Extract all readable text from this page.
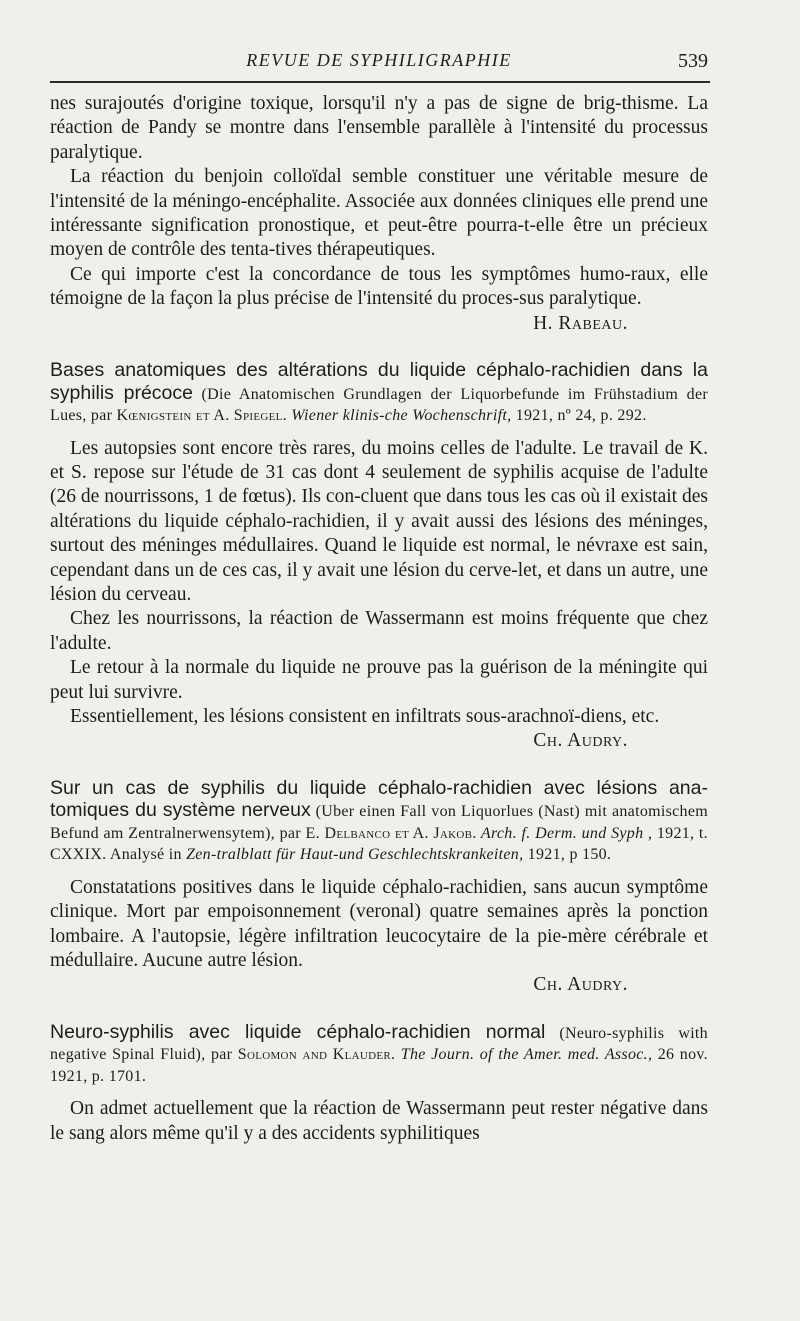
REVUE DE SYPHILIGRAPHIE	539

nes surajoutés d'origine toxique, lorsqu'il n'y a pas de signe de brig-thisme. La réaction de Pandy se montre dans l'ensemble parallèle à l'intensité du processus paralytique.

La réaction du benjoin colloïdal semble constituer une véritable mesure de l'intensité de la méningo-encéphalite. Associée aux données cliniques elle prend une intéressante signification pronostique, et peut-être pourra-t-elle être un précieux moyen de contrôle des tenta-tives thérapeutiques.

Ce qui importe c'est la concordance de tous les symptômes humo-raux, elle témoigne de la façon la plus précise de l'intensité du proces-sus paralytique.

H. Rabeau.
Bases anatomiques des altérations du liquide céphalo-rachidien dans la syphilis précoce (Die Anatomischen Grundlagen der Liquorbefunde im Frühstadium der Lues, par Kœnigstein et A. Spiegel. Wiener klinis-che Wochenschrift, 1921, nº 24, p. 292.

Les autopsies sont encore très rares, du moins celles de l'adulte. Le travail de K. et S. repose sur l'étude de 31 cas dont 4 seulement de syphilis acquise de l'adulte (26 de nourrissons, 1 de fœtus). Ils con-cluent que dans tous les cas où il existait des altérations du liquide céphalo-rachidien, il y avait aussi des lésions des méninges, surtout des méninges médullaires. Quand le liquide est normal, le névraxe est sain, cependant dans un de ces cas, il y avait une lésion du cerve-let, et dans un autre, une lésion du cerveau.

Chez les nourrissons, la réaction de Wassermann est moins fréquente que chez l'adulte.

Le retour à la normale du liquide ne prouve pas la guérison de la méningite qui peut lui survivre.

Essentiellement, les lésions consistent en infiltrats sous-arachnoï-diens, etc.

Ch. Audry.
Sur un cas de syphilis du liquide céphalo-rachidien avec lésions ana-tomiques du système nerveux (Uber einen Fall von Liquorlues (Nast) mit anatomischem Befund am Zentralnerwensytem), par E. Delbanco et A. Jakob. Arch. f. Derm. und Syph , 1921, t. CXXIX. Analysé in Zen-tralblatt für Haut-und Geschlechtskrankeiten, 1921, p 150.

Constatations positives dans le liquide céphalo-rachidien, sans aucun symptôme clinique. Mort par empoisonnement (veronal) quatre semaines après la ponction lombaire. A l'autopsie, légère infiltration leucocytaire de la pie-mère cérébrale et médullaire. Aucune autre lésion.

Ch. Audry.
Neuro-syphilis avec liquide céphalo-rachidien normal (Neuro-syphilis with negative Spinal Fluid), par Solomon and Klauder. The Journ. of the Amer. med. Assoc., 26 nov. 1921, p. 1701.

On admet actuellement que la réaction de Wassermann peut rester négative dans le sang alors même qu'il y a des accidents syphilitiques
